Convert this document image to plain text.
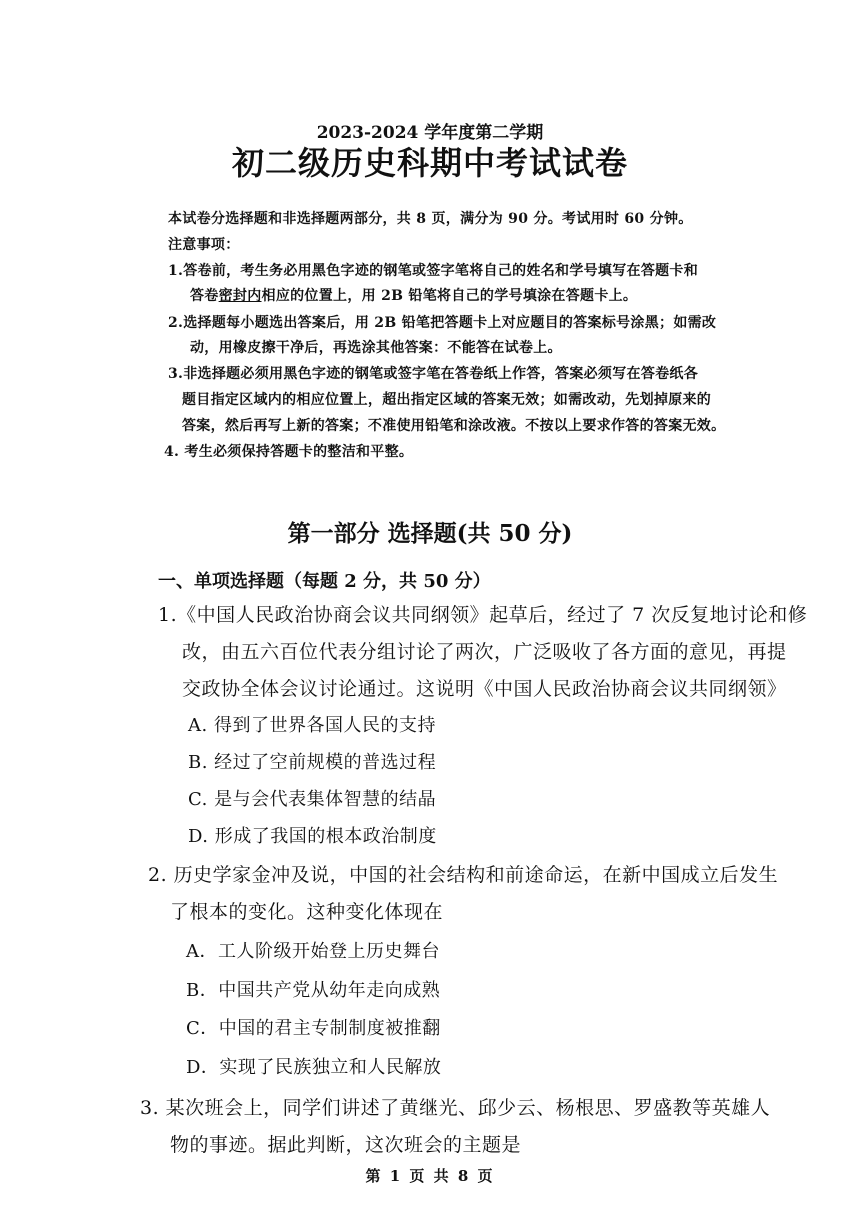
2023-2024 学年度第二学期
初二级历史科期中考试试卷
本试卷分选择题和非选择题两部分，共 8 页，满分为 90 分。考试用时 60 分钟。
注意事项：
1.答卷前，考生务必用黑色字迹的钢笔或签字笔将自己的姓名和学号填写在答题卡和
答卷密封内相应的位置上，用 2B 铅笔将自己的学号填涂在答题卡上。
2.选择题每小题选出答案后，用 2B 铅笔把答题卡上对应题目的答案标号涂黑；如需改
动，用橡皮擦干净后，再选涂其他答案：不能答在试卷上。
3.非选择题必须用黑色字迹的钢笔或签字笔在答卷纸上作答，答案必须写在答卷纸各
题目指定区域内的相应位置上，超出指定区域的答案无效；如需改动，先划掉原来的
答案，然后再写上新的答案；不准使用铅笔和涂改液。不按以上要求作答的答案无效。
4. 考生必须保持答题卡的整洁和平整。
第一部分 选择题(共 50 分)
一、单项选择题（每题 2 分，共 50 分）
1.《中国人民政治协商会议共同纲领》起草后，经过了 7 次反复地讨论和修
改，由五六百位代表分组讨论了两次，广泛吸收了各方面的意见，再提
交政协全体会议讨论通过。这说明《中国人民政治协商会议共同纲领》
A. 得到了世界各国人民的支持
B. 经过了空前规模的普选过程
C. 是与会代表集体智慧的结晶
D. 形成了我国的根本政治制度
2. 历史学家金冲及说，中国的社会结构和前途命运，在新中国成立后发生
了根本的变化。这种变化体现在
A．工人阶级开始登上历史舞台
B．中国共产党从幼年走向成熟
C．中国的君主专制制度被推翻
D．实现了民族独立和人民解放
3. 某次班会上，同学们讲述了黄继光、邱少云、杨根思、罗盛教等英雄人
物的事迹。据此判断，这次班会的主题是
第 1 页 共 8 页
